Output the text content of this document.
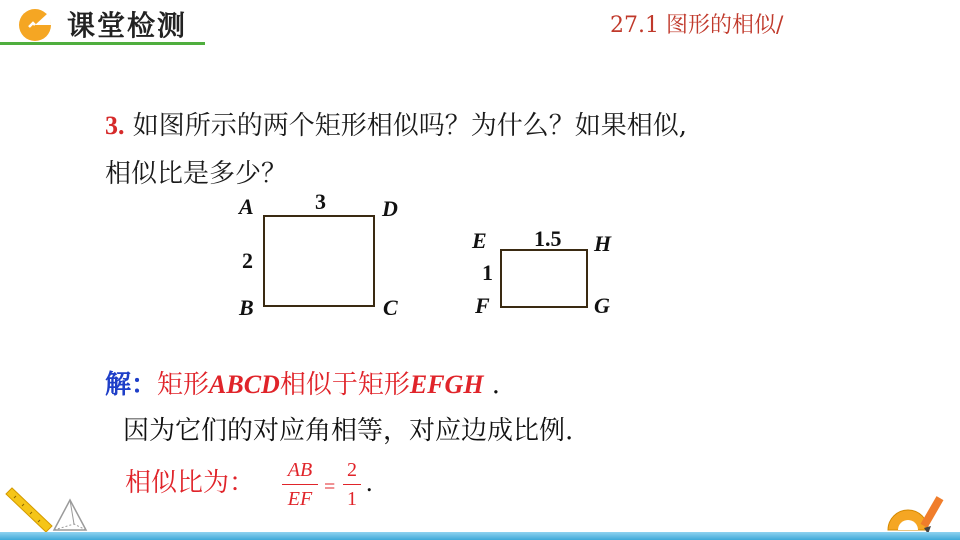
课堂检测	27.1 图形的相似/
3. 如图所示的两个矩形相似吗？为什么？如果相似,
相似比是多少？
A	D
B	C
3
2
E	H
F	G
1.5
1
解：矩形ABCD相似于矩形EFGH .
因为它们的对应角相等，对应边成比例.
相似比为： AB
EF
=
2
1
.
